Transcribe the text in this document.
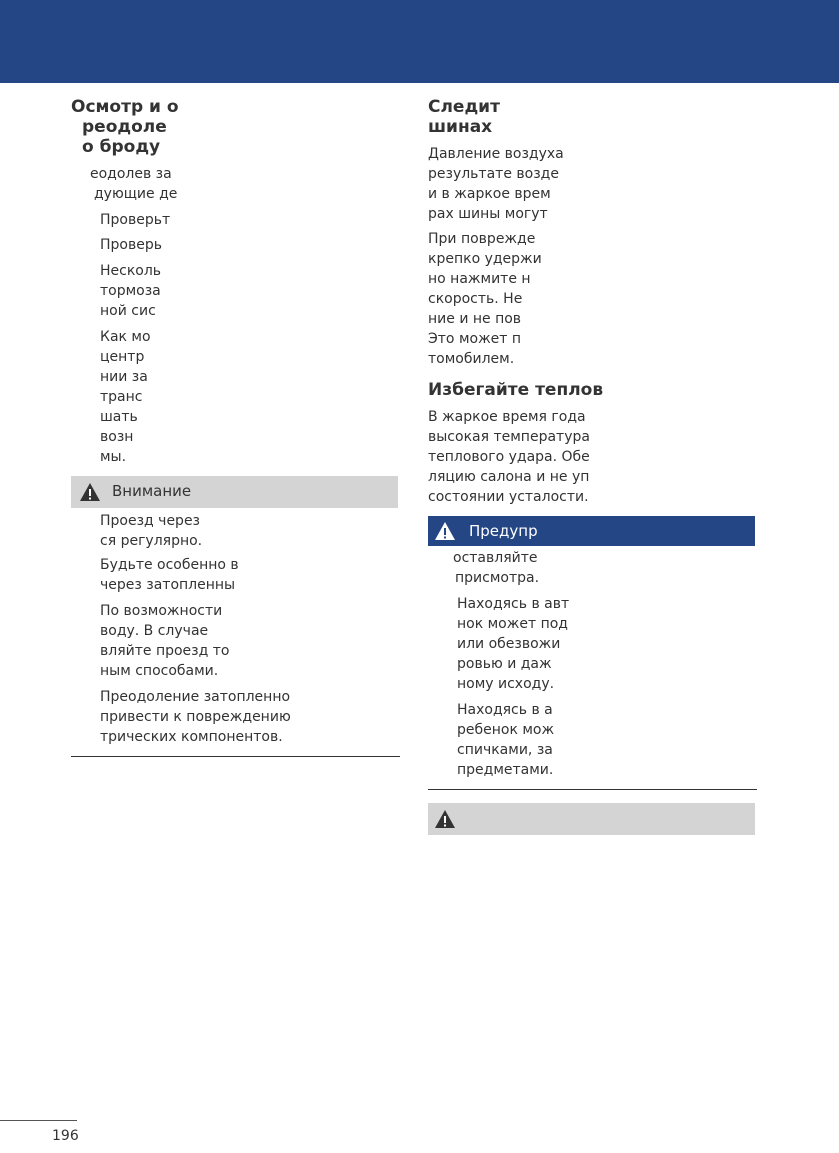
Осмотр и о
реодоле
о броду
еодолев за
дующие де
Проверьт
Проверь
Несколь
тормоза
ной сис
Как мо
центр
нии за
транс
шать
возн
мы.
Внимание
Проезд через
ся регулярно.
Будьте особенно в
через затопленны
По возможности
воду. В случае
вляйте проезд то
ным способами.
Преодоление затопленно
привести к повреждению
трических компонентов.
Следит
шинах
Давление воздуха
результате возде
и в жаркое врем
рах шины могут
При поврежде
крепко удержи
но нажмите н
скорость. Не
ние и не пов
Это может п
томобилем.
Избегайте теплов
В жаркое время года
высокая температура
теплового удара. Обе
ляцию салона и не уп
состоянии усталости.
Предупр
оставляйте
присмотра.
Находясь в авт
нок может под
или обезвожи
ровью и даж
ному исходу.
Находясь в а
ребенок мож
спичками, за
предметами.
196
